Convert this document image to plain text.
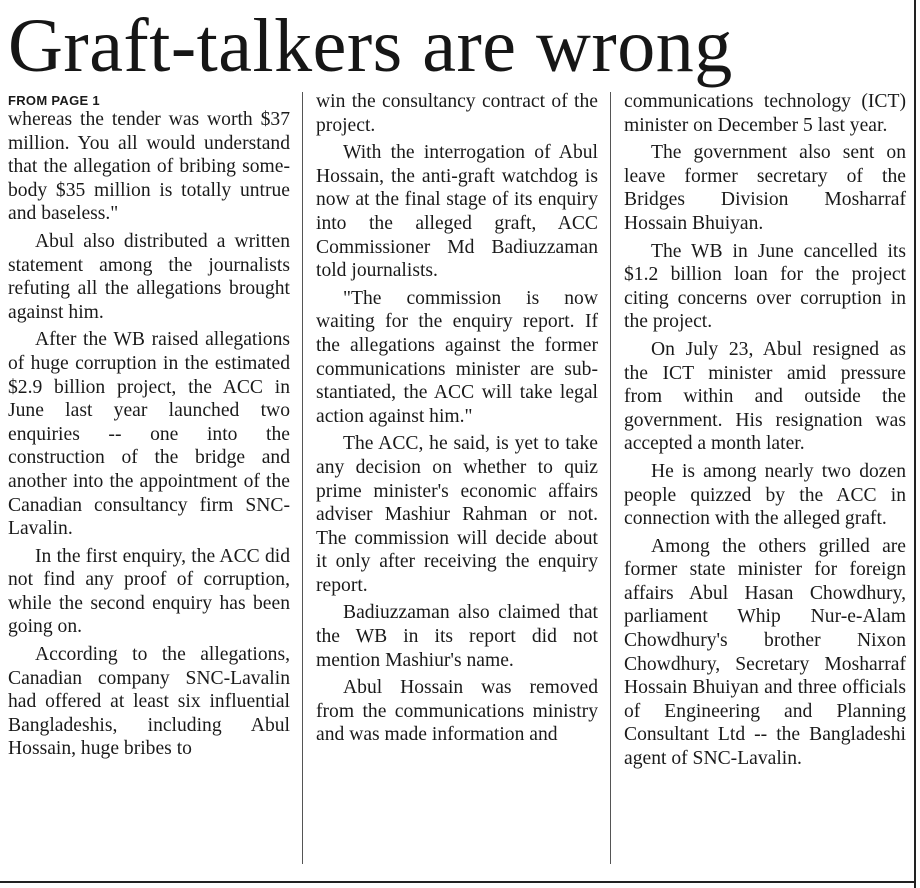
Graft-talkers are wrong
FROM PAGE 1

whereas the tender was worth $37 million. You all would understand that the allegation of bribing somebody $35 million is totally untrue and baseless."

Abul also distributed a written statement among the journalists refuting all the allegations brought against him.

After the WB raised allegations of huge corruption in the estimated $2.9 billion project, the ACC in June last year launched two enquiries -- one into the construction of the bridge and another into the appointment of the Canadian consultancy firm SNC-Lavalin.

In the first enquiry, the ACC did not find any proof of corruption, while the second enquiry has been going on.

According to the allegations, Canadian company SNC-Lavalin had offered at least six influential Bangladeshis, including Abul Hossain, huge bribes to

win the consultancy contract of the project.

With the interrogation of Abul Hossain, the anti-graft watchdog is now at the final stage of its enquiry into the alleged graft, ACC Commissioner Md Badiuzzaman told journalists.

"The commission is now waiting for the enquiry report. If the allegations against the former communications minister are substantiated, the ACC will take legal action against him."

The ACC, he said, is yet to take any decision on whether to quiz prime minister's economic affairs adviser Mashiur Rahman or not. The commission will decide about it only after receiving the enquiry report.

Badiuzzaman also claimed that the WB in its report did not mention Mashiur's name.

Abul Hossain was removed from the communications ministry and was made information and

communications technology (ICT) minister on December 5 last year.

The government also sent on leave former secretary of the Bridges Division Mosharraf Hossain Bhuiyan.

The WB in June cancelled its $1.2 billion loan for the project citing concerns over corruption in the project.

On July 23, Abul resigned as the ICT minister amid pressure from within and outside the government. His resignation was accepted a month later.

He is among nearly two dozen people quizzed by the ACC in connection with the alleged graft.

Among the others grilled are former state minister for foreign affairs Abul Hasan Chowdhury, parliament Whip Nur-e-Alam Chowdhury's brother Nixon Chowdhury, Secretary Mosharraf Hossain Bhuiyan and three officials of Engineering and Planning Consultant Ltd -- the Bangladeshi agent of SNC-Lavalin.
